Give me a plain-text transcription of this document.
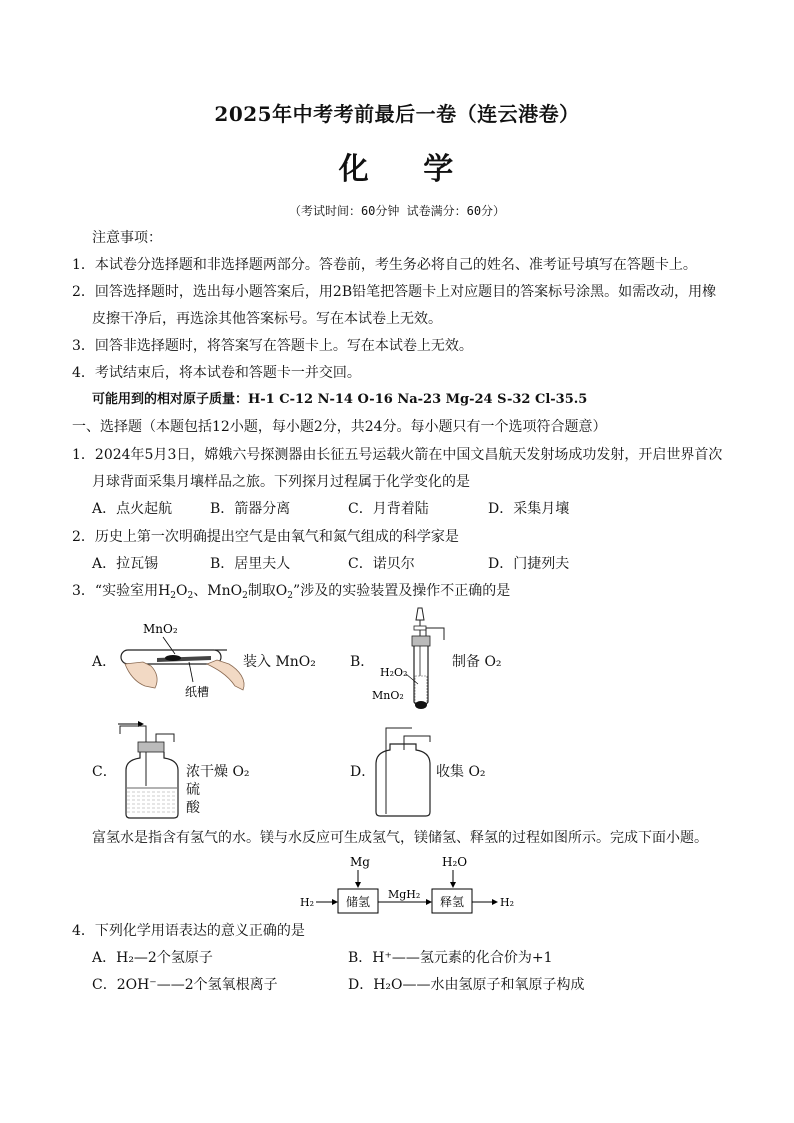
2025年中考考前最后一卷（连云港卷）
化 学
（考试时间：60分钟 试卷满分：60分）
注意事项：
1．本试卷分选择题和非选择题两部分。答卷前，考生务必将自己的姓名、准考证号填写在答题卡上。
2．回答选择题时，选出每小题答案后，用2B铅笔把答题卡上对应题目的答案标号涂黑。如需改动，用橡
皮擦干净后，再选涂其他答案标号。写在本试卷上无效。
3．回答非选择题时，将答案写在答题卡上。写在本试卷上无效。
4．考试结束后，将本试卷和答题卡一并交回。
可能用到的相对原子质量：H-1 C-12 N-14 O-16 Na-23 Mg-24 S-32 Cl-35.5
一、选择题（本题包括12小题，每小题2分，共24分。每小题只有一个选项符合题意）
1．2024年5月3日，嫦娥六号探测器由长征五号运载火箭在中国文昌航天发射场成功发射，开启世界首次
月球背面采集月壤样品之旅。下列探月过程属于化学变化的是
A．点火起航	B．箭器分离	C．月背着陆	D．采集月壤
2．历史上第一次明确提出空气是由氧气和氮气组成的科学家是
A．拉瓦锡	B．居里夫人	C．诺贝尔	D．门捷列夫
3．“实验室用$H_2O_2$、MnO$_2$制取$O_2$”涉及的实验装置及操作不正确的是
A．
MnO₂
纸槽
装入 MnO₂ B．
H₂O₂
MnO₂
制备 O₂
C．	浓
硫
酸
干燥 O₂	D．	收集 O₂
富氢水是指含有氢气的水。镁与水反应可生成氢气，镁储氢、释氢的过程如图所示。完成下面小题。
Mg	H₂O
H₂	储氢
MgH₂
释氢	H₂
4．下列化学用语表达的意义正确的是
A．H₂—2个氢原子	B．H⁺——氢元素的化合价为+1
C．2OH⁻——2个氢氧根离子	D．H₂O——水由氢原子和氧原子构成
